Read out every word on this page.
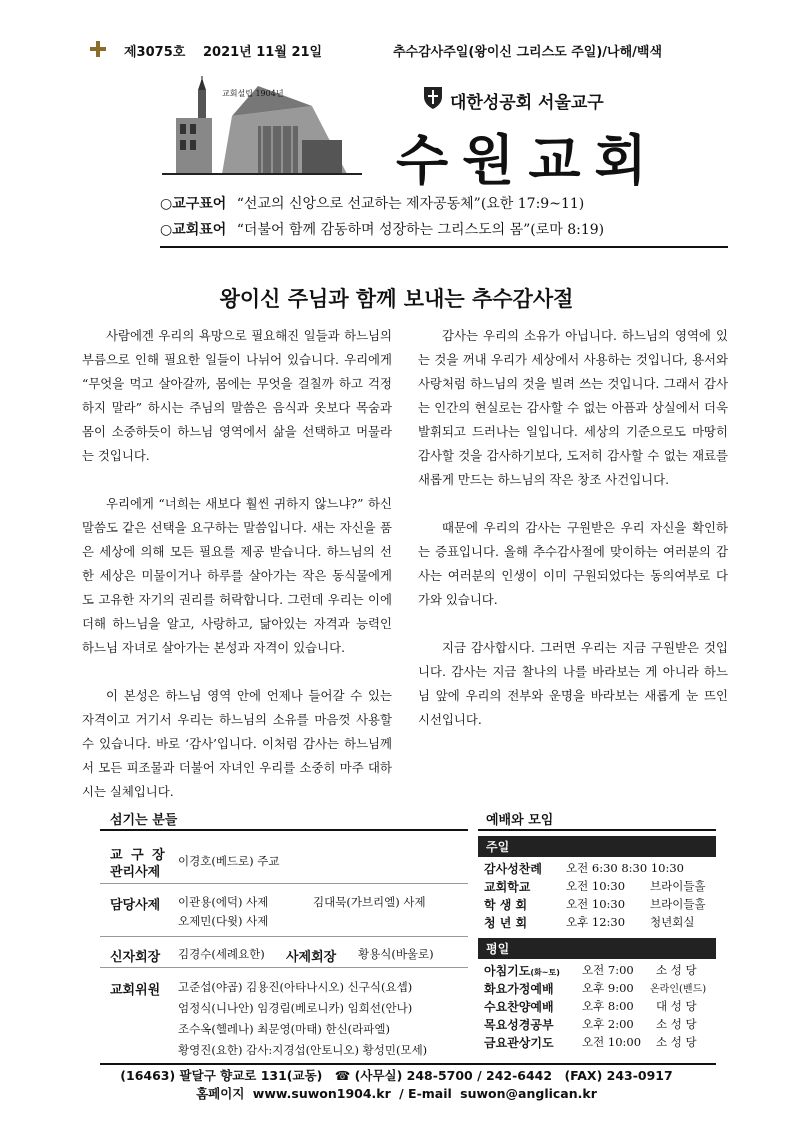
제3075호 2021년 11월 21일	추수감사주일(왕이신 그리스도 주일)/나해/백색
교회설립 1904년	대한성공회 서울교구
수원교회
○교구표어 “선교의 신앙으로 선교하는 제자공동체”(요한 17:9~11)
○교회표어 “더불어 함께 감동하며 성장하는 그리스도의 몸”(로마 8:19)
왕이신 주님과 함께 보내는 추수감사절

사람에겐 우리의 욕망으로 필요해진 일들과 하느님의 부름으로 인해 필요한 일들이 나뉘어 있습니다. 우리에게 “무엇을 먹고 살아갈까, 몸에는 무엇을 걸칠까 하고 걱정하지 말라” 하시는 주님의 말씀은 음식과 옷보다 목숨과 몸이 소중하듯이 하느님 영역에서 삶을 선택하고 머물라는 것입니다.

우리에게 “너희는 새보다 훨씬 귀하지 않느냐?” 하신 말씀도 같은 선택을 요구하는 말씀입니다. 새는 자신을 품은 세상에 의해 모든 필요를 제공 받습니다. 하느님의 선한 세상은 미물이거나 하루를 살아가는 작은 동식물에게도 고유한 자기의 권리를 허락합니다. 그런데 우리는 이에 더해 하느님을 알고, 사랑하고, 닮아있는 자격과 능력인 하느님 자녀로 살아가는 본성과 자격이 있습니다.

이 본성은 하느님 영역 안에 언제나 들어갈 수 있는 자격이고 거기서 우리는 하느님의 소유를 마음껏 사용할 수 있습니다. 바로 ‘감사’입니다. 이처럼 감사는 하느님께서 모든 피조물과 더불어 자녀인 우리를 소중히 마주 대하시는 실체입니다.

감사는 우리의 소유가 아닙니다. 하느님의 영역에 있는 것을 꺼내 우리가 세상에서 사용하는 것입니다, 용서와 사랑처럼 하느님의 것을 빌려 쓰는 것입니다. 그래서 감사는 인간의 현실로는 감사할 수 없는 아픔과 상실에서 더욱 발휘되고 드러나는 일입니다. 세상의 기준으로도 마땅히 감사할 것을 감사하기보다, 도저히 감사할 수 없는 재료를 새롭게 만드는 하느님의 작은 창조 사건입니다.

때문에 우리의 감사는 구원받은 우리 자신을 확인하는 증표입니다. 올해 추수감사절에 맞이하는 여러분의 감사는 여러분의 인생이 이미 구원되었다는 동의여부로 다가와 있습니다.

지금 감사합시다. 그러면 우리는 지금 구원받은 것입니다. 감사는 지금 찰나의 나를 바라보는 게 아니라 하느님 앞에 우리의 전부와 운명을 바라보는 새롭게 눈 뜨인 시선입니다.

섬기는 분들
교 구 장
관리사제
이경호(베드로) 주교
담당사제 이관용(에덕) 사제	김대묵(가브리엘) 사제
오제민(다윗) 사제
신자회장 김경수(세례요한) 사제회장 황용식(바울로)
교회위원 고준섭(야곱) 김용진(아타나시오) 신구식(요셉)
엄정식(니나안) 임경림(베로니카) 임희선(안나)
조수옥(헬레나) 최문영(마태) 한신(라파엘)
황영진(요한) 감사:지경섭(안토니오) 황성민(모세)
예배와 모임
주일
감사성찬례 오전 6:30 8:30 10:30
교회학교	오전 10:30 브라이들홀
학 생 회	오전 10:30 브라이들홀
청 년 회	오후 12:30 청년회실
평일
아침기도(화~토) 오전 7:00 소 성 당
화요가정예배 오후 9:00 온라인(밴드)
수요찬양예배 오후 8:00 대 성 당
목요성경공부 오후 2:00 소 성 당
금요관상기도 오전 10:00 소 성 당
(16463) 팔달구 향교로 131(교동) ☎ (사무실) 248-5700 / 242-6442 (FAX) 243-0917
홈페이지 www.suwon1904.kr / E-mail suwon@anglican.kr
